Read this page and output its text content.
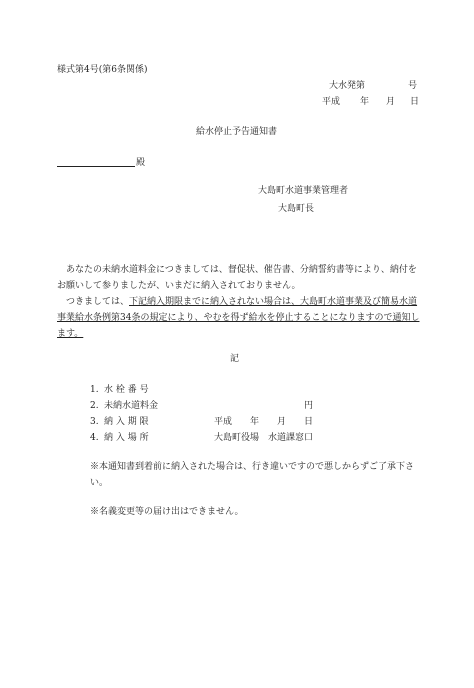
様式第4号(第6条関係)
大水発第	号
平成 年 月 日
給水停止予告通知書
殿
大島町水道事業管理者
大島町長
　あなたの未納水道料金につきましては、督促状、催告書、分納誓約書等により、納付をお願いして参りましたが、いまだに納入されておりません。
　つきましては、下記納入期限までに納入されない場合は、大島町水道事業及び簡易水道事業給水条例第34条の規定により、やむを得ず給水を停止することになりますので通知します。
記
1. 水 栓 番 号
2. 未納水道料金	円
3. 納 入 期 限	平成　　年　　月　　日
4. 納 入 場 所	大島町役場　水道課窓口
※本通知書到着前に納入された場合は、行き違いですので悪しからずご了承下さい。
※名義変更等の届け出はできません。
